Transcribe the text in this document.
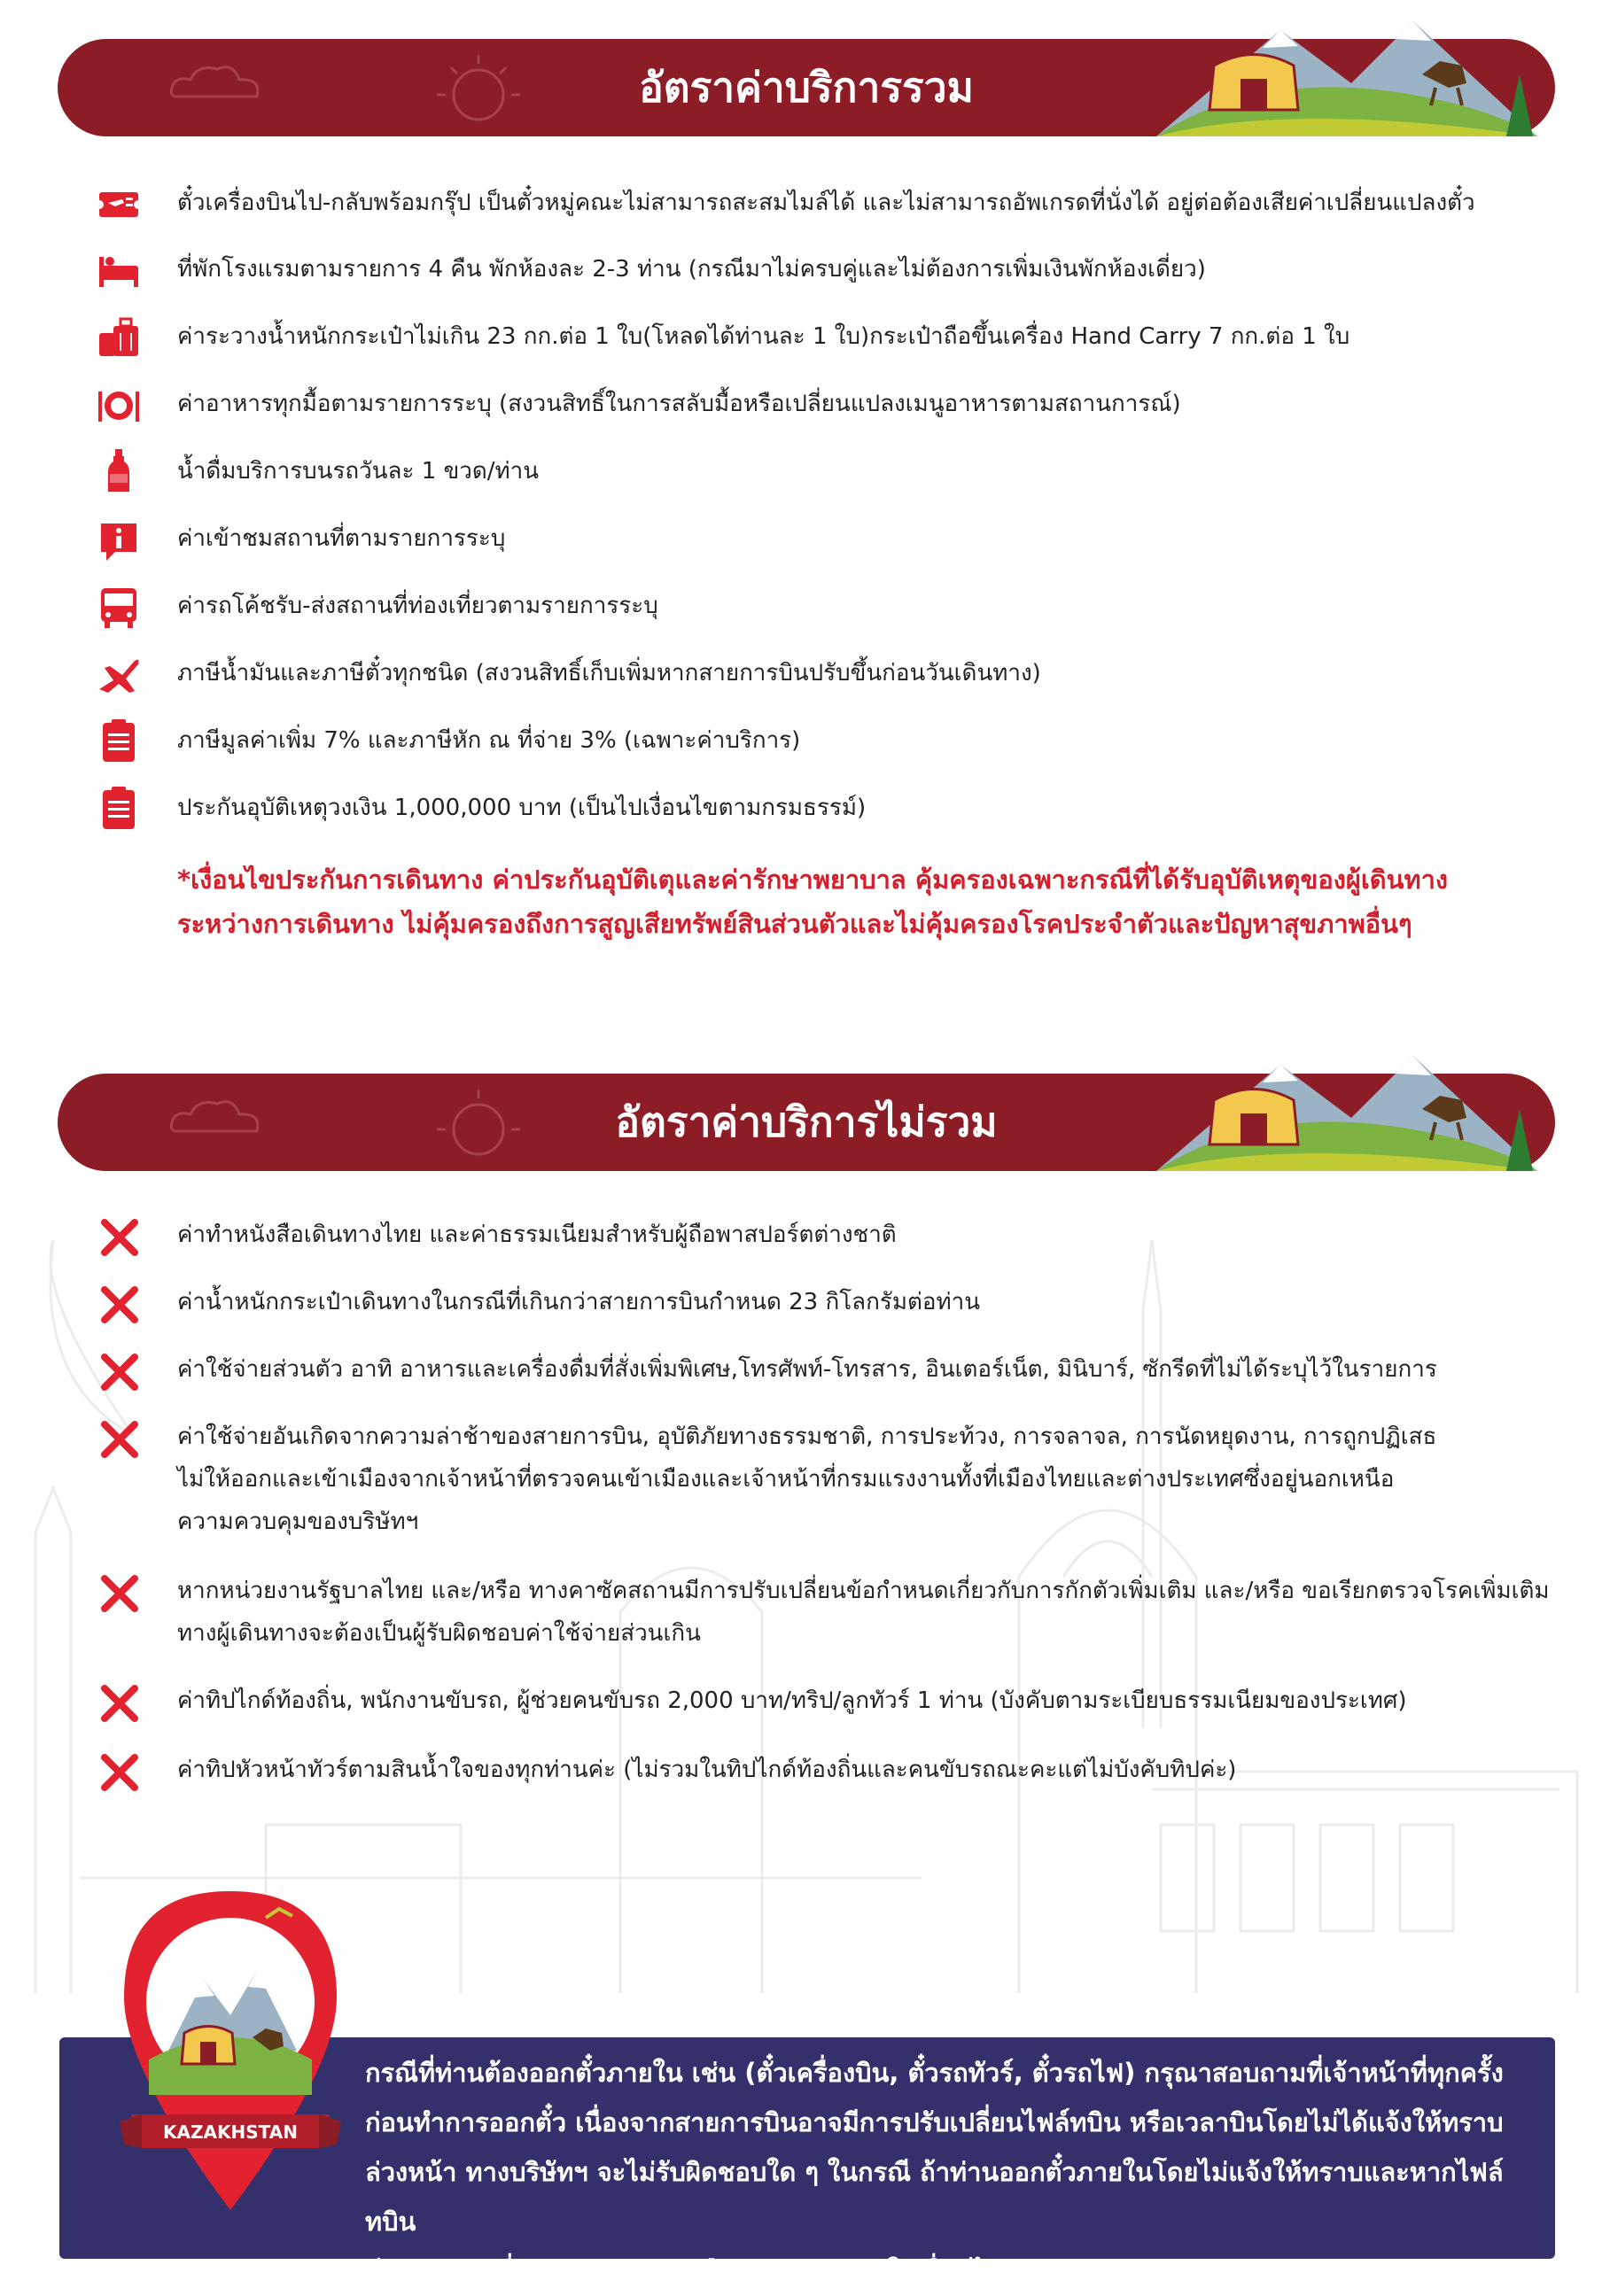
อัตราค่าบริการรวม
ตั๋วเครื่องบินไป-กลับพร้อมกรุ๊ป เป็นตั๋วหมู่คณะไม่สามารถสะสมไมล์ได้ และไม่สามารถอัพเกรดที่นั่งได้ อยู่ต่อต้องเสียค่าเปลี่ยนแปลงตั๋ว
ที่พักโรงแรมตามรายการ 4 คืน พักห้องละ 2-3 ท่าน (กรณีมาไม่ครบคู่และไม่ต้องการเพิ่มเงินพักห้องเดี่ยว)
ค่าระวางน้ำหนักกระเป๋าไม่เกิน 23 กก.ต่อ 1 ใบ(โหลดได้ท่านละ 1 ใบ)กระเป๋าถือขึ้นเครื่อง Hand Carry 7 กก.ต่อ 1 ใบ
ค่าอาหารทุกมื้อตามรายการระบุ (สงวนสิทธิ์ในการสลับมื้อหรือเปลี่ยนแปลงเมนูอาหารตามสถานการณ์)
น้ำดื่มบริการบนรถวันละ 1 ขวด/ท่าน
ค่าเข้าชมสถานที่ตามรายการระบุ
ค่ารถโค้ชรับ-ส่งสถานที่ท่องเที่ยวตามรายการระบุ
ภาษีน้ำมันและภาษีตั๋วทุกชนิด (สงวนสิทธิ์เก็บเพิ่มหากสายการบินปรับขึ้นก่อนวันเดินทาง)
ภาษีมูลค่าเพิ่ม 7% และภาษีหัก ณ ที่จ่าย 3% (เฉพาะค่าบริการ)
ประกันอุบัติเหตุวงเงิน 1,000,000 บาท (เป็นไปเงื่อนไขตามกรมธรรม์)
*เงื่อนไขประกันการเดินทาง ค่าประกันอุบัติเตุและค่ารักษาพยาบาล คุ้มครองเฉพาะกรณีที่ได้รับอุบัติเหตุของผู้เดินทาง
ระหว่างการเดินทาง ไม่คุ้มครองถึงการสูญเสียทรัพย์สินส่วนตัวและไม่คุ้มครองโรคประจำตัวและปัญหาสุขภาพอื่นๆ
อัตราค่าบริการไม่รวม
ค่าทำหนังสือเดินทางไทย และค่าธรรมเนียมสำหรับผู้ถือพาสปอร์ตต่างชาติ
ค่าน้ำหนักกระเป๋าเดินทางในกรณีที่เกินกว่าสายการบินกำหนด 23 กิโลกรัมต่อท่าน
ค่าใช้จ่ายส่วนตัว อาทิ อาหารและเครื่องดื่มที่สั่งเพิ่มพิเศษ,โทรศัพท์-โทรสาร, อินเตอร์เน็ต, มินิบาร์, ซักรีดที่ไม่ได้ระบุไว้ในรายการ
ค่าใช้จ่ายอันเกิดจากความล่าช้าของสายการบิน, อุบัติภัยทางธรรมชาติ, การประท้วง, การจลาจล, การนัดหยุดงาน, การถูกปฏิเสธ
ไม่ให้ออกและเข้าเมืองจากเจ้าหน้าที่ตรวจคนเข้าเมืองและเจ้าหน้าที่กรมแรงงานทั้งที่เมืองไทยและต่างประเทศซึ่งอยู่นอกเหนือ
ความควบคุมของบริษัทฯ
หากหน่วยงานรัฐบาลไทย และ/หรือ ทางคาซัคสถานมีการปรับเปลี่ยนข้อกำหนดเกี่ยวกับการกักตัวเพิ่มเติม และ/หรือ ขอเรียกตรวจโรคเพิ่มเติม
ทางผู้เดินทางจะต้องเป็นผู้รับผิดชอบค่าใช้จ่ายส่วนเกิน
ค่าทิปไกด์ท้องถิ่น, พนักงานขับรถ, ผู้ช่วยคนขับรถ 2,000 บาท/ทริป/ลูกทัวร์ 1 ท่าน (บังคับตามระเบียบธรรมเนียมของประเทศ)
ค่าทิปหัวหน้าทัวร์ตามสินน้ำใจของทุกท่านค่ะ (ไม่รวมในทิปไกด์ท้องถิ่นและคนขับรถณะคะแต่ไม่บังคับทิปค่ะ)
กรณีที่ท่านต้องออกตั๋วภายใน เช่น (ตั๋วเครื่องบิน, ตั๋วรถทัวร์, ตั๋วรถไฟ) กรุณาสอบถามที่เจ้าหน้าที่ทุกครั้ง
ก่อนทำการออกตั๋ว เนื่องจากสายการบินอาจมีการปรับเปลี่ยนไฟล์ทบิน หรือเวลาบินโดยไม่ได้แจ้งให้ทราบ
ล่วงหน้า ทางบริษัทฯ จะไม่รับผิดชอบใด ๆ ในกรณี ถ้าท่านออกตั๋วภายในโดยไม่แจ้งให้ทราบและหากไฟล์ทบิน
มีการปรับเปลี่ยนเวลาบินเพราะถือว่าท่านยอมรับในเงื่อนไขดังกล่าว
KAZAKHSTAN
